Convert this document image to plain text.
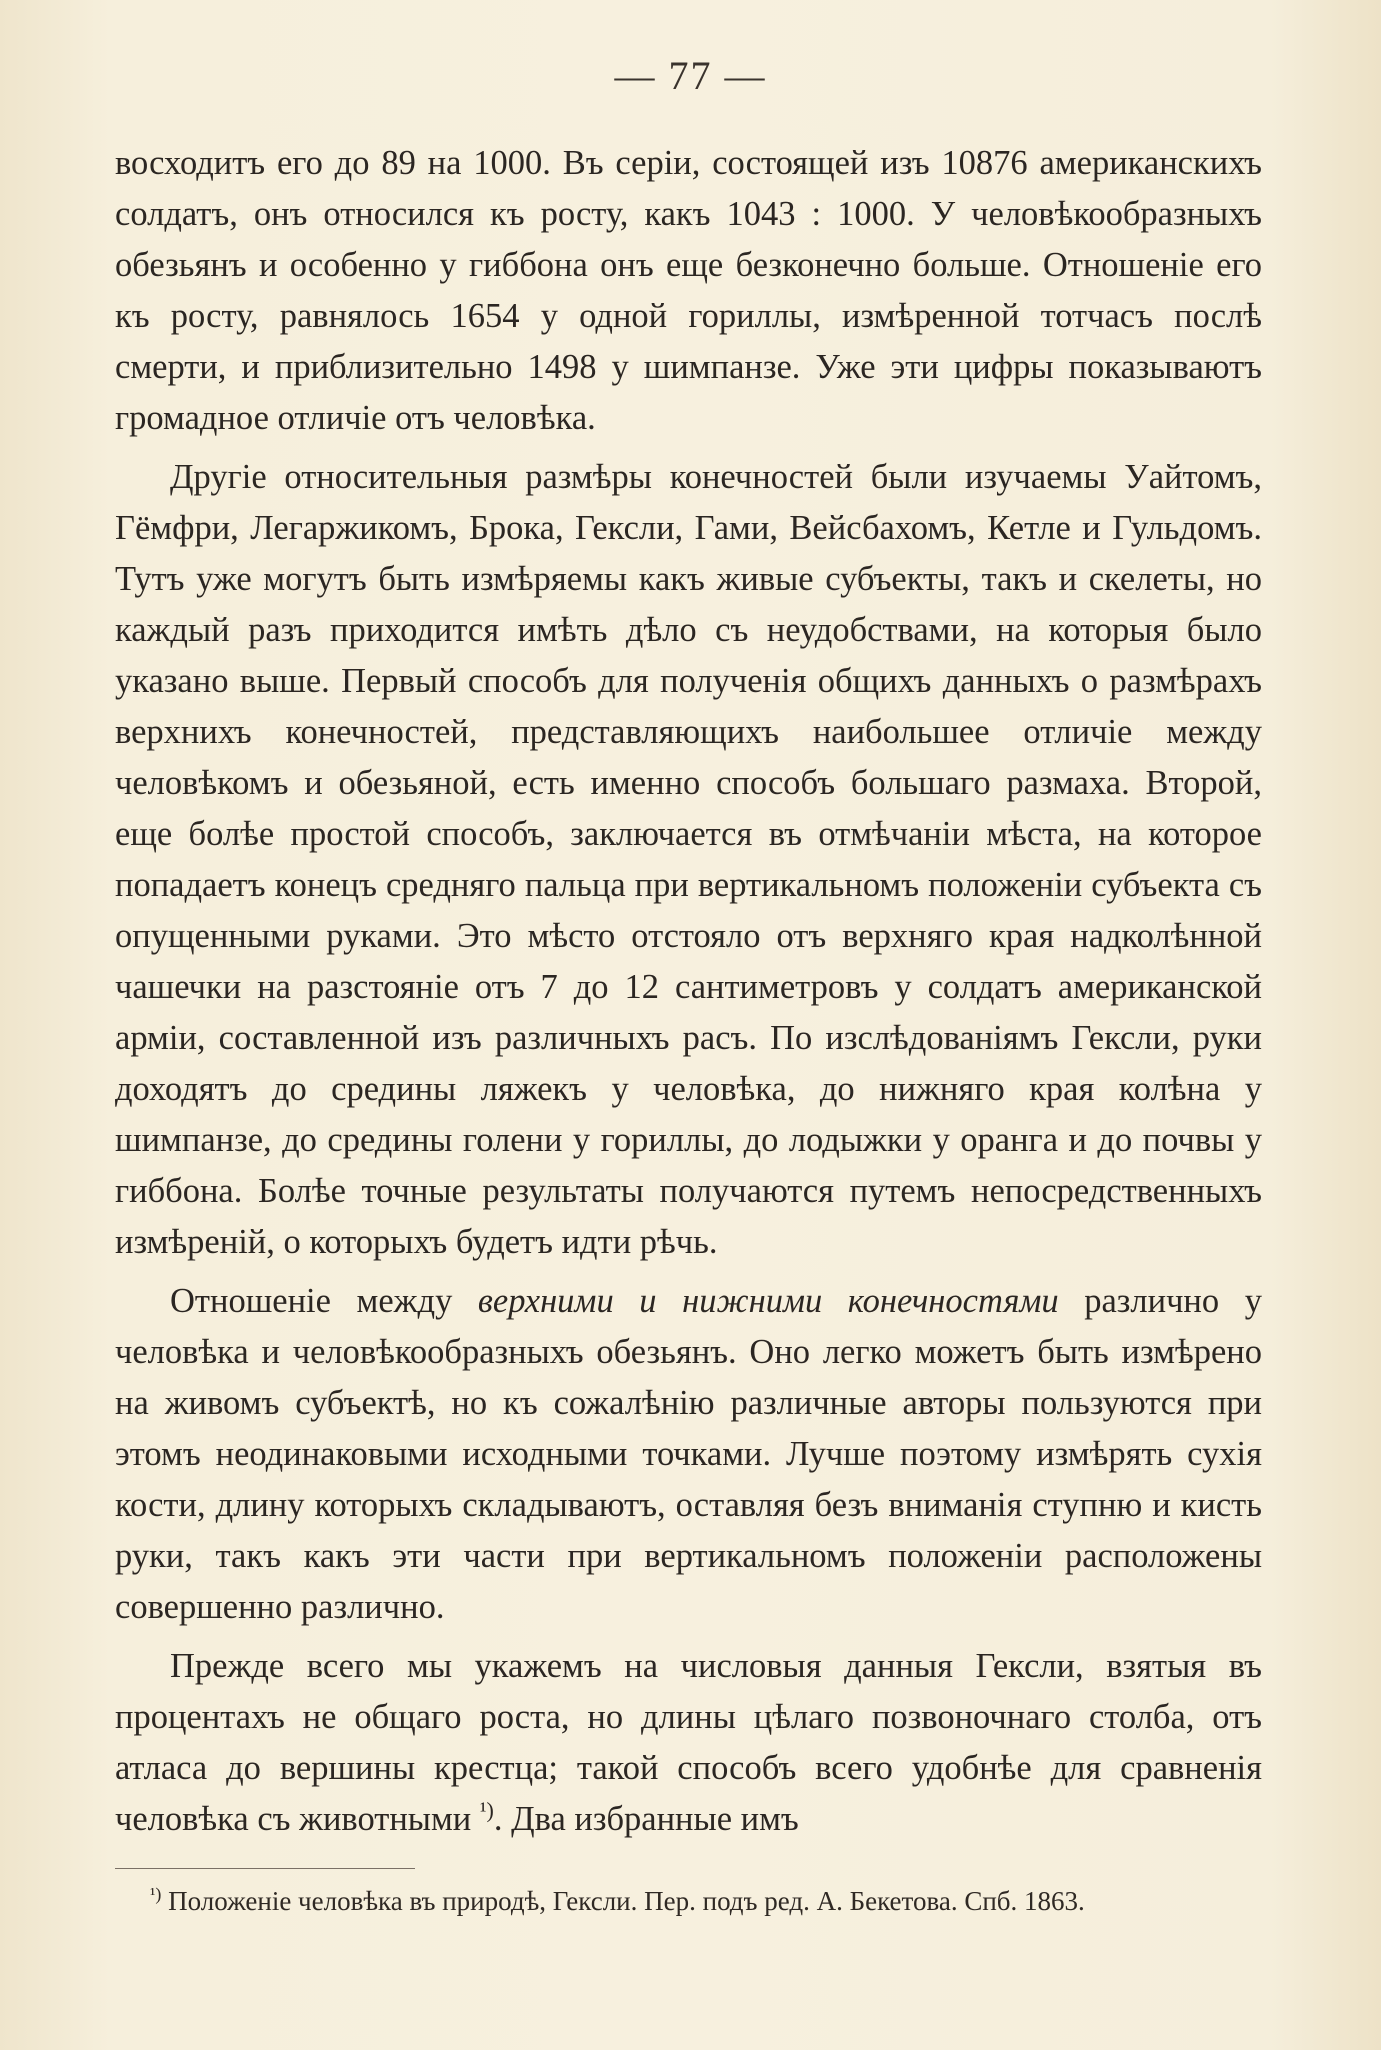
— 77 —

восходитъ его до 89 на 1000. Въ серіи, состоящей изъ 10876 американскихъ солдатъ, онъ относился къ росту, какъ 1043 : 1000. У человѣкообразныхъ обезьянъ и особенно у гиббона онъ еще безконечно больше. Отношеніе его къ росту, равнялось 1654 у одной гориллы, измѣренной тотчасъ послѣ смерти, и приблизительно 1498 у шимпанзе. Уже эти цифры показываютъ громадное отличіе отъ человѣка.

Другіе относительныя размѣры конечностей были изучаемы Уайтомъ, Гёмфри, Легаржикомъ, Брока, Гексли, Гами, Вейсбахомъ, Кетле и Гульдомъ. Тутъ уже могутъ быть измѣряемы какъ живые субъекты, такъ и скелеты, но каждый разъ приходится имѣть дѣло съ неудобствами, на которыя было указано выше. Первый способъ для полученія общихъ данныхъ о размѣрахъ верхнихъ конечностей, представляющихъ наибольшее отличіе между человѣкомъ и обезьяной, есть именно способъ большаго размаха. Второй, еще болѣе простой способъ, заключается въ отмѣчаніи мѣста, на которое попадаетъ конецъ средняго пальца при вертикальномъ положеніи субъекта съ опущенными руками. Это мѣсто отстояло отъ верхняго края надколѣнной чашечки на разстояніе отъ 7 до 12 сантиметровъ у солдатъ американской арміи, составленной изъ различныхъ расъ. По изслѣдованіямъ Гексли, руки доходятъ до средины ляжекъ у человѣка, до нижняго края колѣна у шимпанзе, до средины голени у гориллы, до лодыжки у оранга и до почвы у гиббона. Болѣе точные результаты получаются путемъ непосредственныхъ измѣреній, о которыхъ будетъ идти рѣчь.

Отношеніе между верхними и нижними конечностями различно у человѣка и человѣкообразныхъ обезьянъ. Оно легко можетъ быть измѣрено на живомъ субъектѣ, но къ сожалѣнію различные авторы пользуются при этомъ неодинаковыми исходными точками. Лучше поэтому измѣрять сухія кости, длину которыхъ складываютъ, оставляя безъ вниманія ступню и кисть руки, такъ какъ эти части при вертикальномъ положеніи расположены совершенно различно.

Прежде всего мы укажемъ на числовыя данныя Гексли, взятыя въ процентахъ не общаго роста, но длины цѣлаго позвоночнаго столба, отъ атласа до вершины крестца; такой способъ всего удобнѣе для сравненія человѣка съ животными $^{^1)}$. Два избранные имъ

$^{^1)}$ Положеніе человѣка въ природѣ, Гексли. Пер. подъ ред. А. Бекетова. Спб. 1863.
